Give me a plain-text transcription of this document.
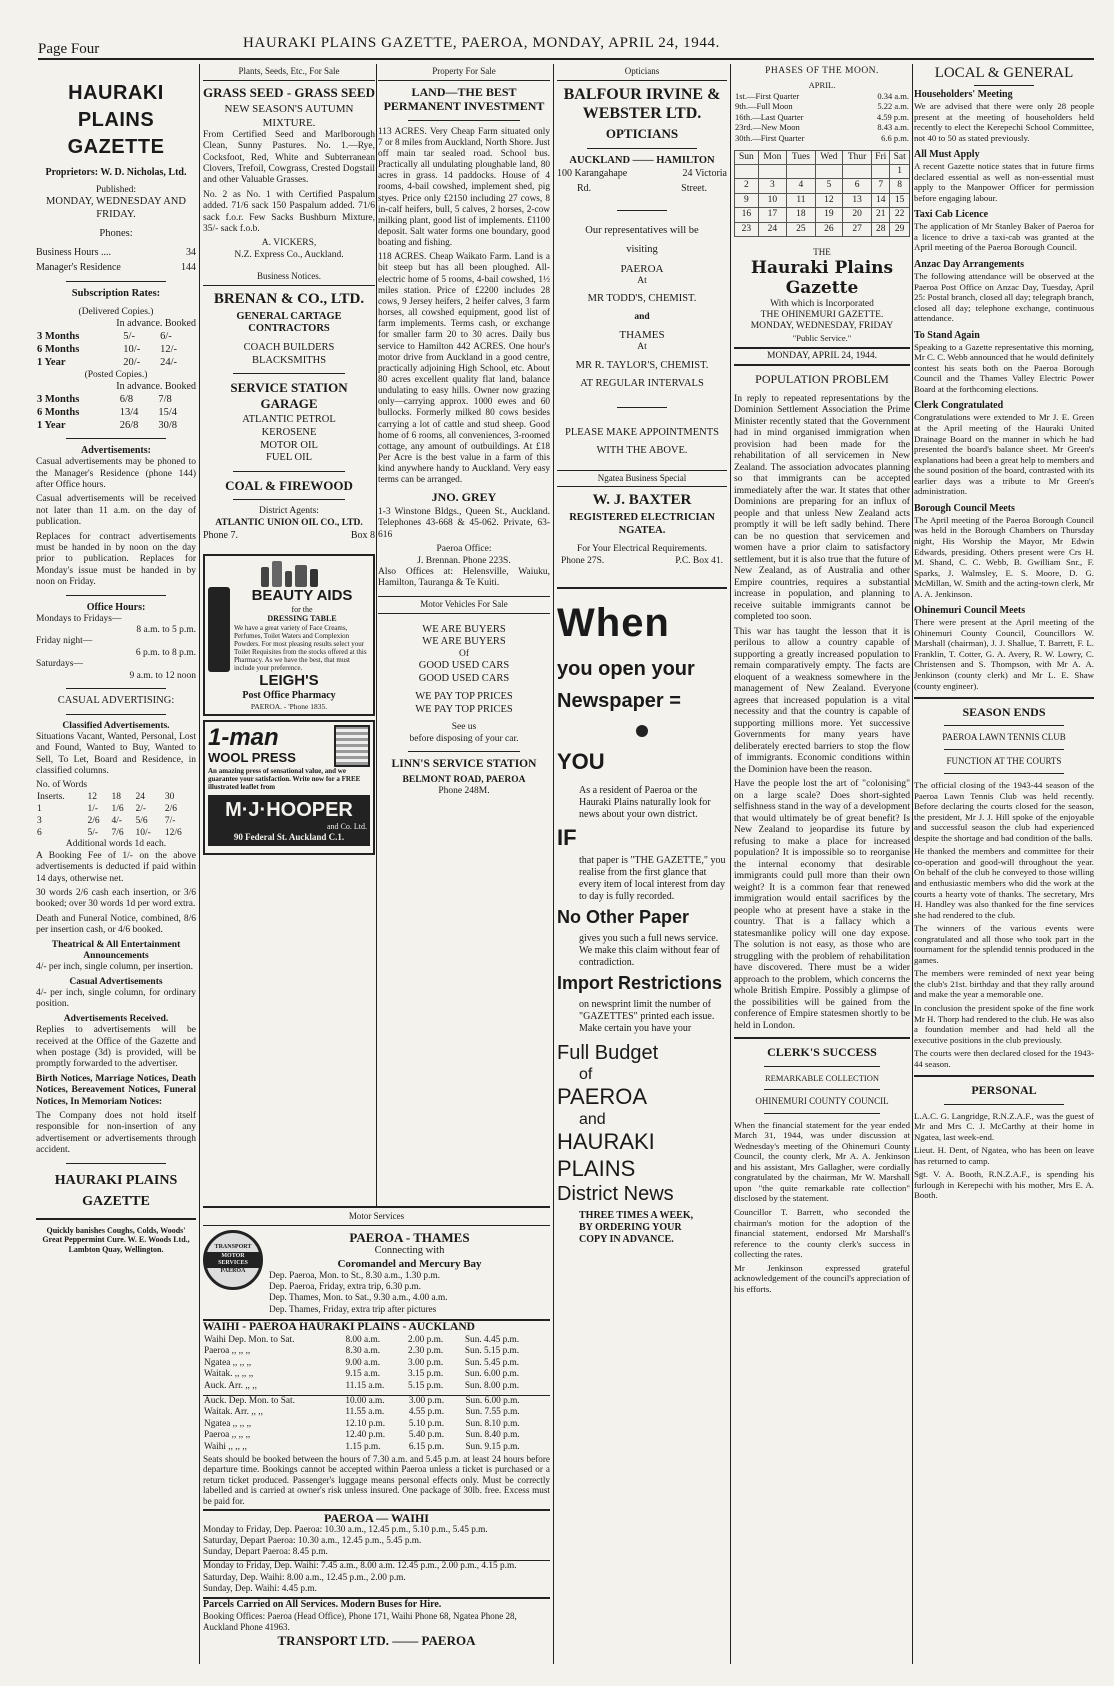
Page Four	HAURAKI PLAINS GAZETTE, PAEROA, MONDAY, APRIL 24, 1944.
HAURAKI PLAINS
GAZETTE
Proprietors: W. D. Nicholas, Ltd.
Published:
MONDAY, WEDNESDAY AND FRIDAY.
Phones:
Business Hours ....	34
Manager's Residence	144
Subscription Rates:
(Delivered Copies.)
In advance. Booked
3 Months	5/-	6/-
6 Months	10/-	12/-
1 Year	20/-	24/-
(Posted Copies.)
In advance. Booked
3 Months	6/8	7/8
6 Months	13/4	15/4
1 Year	26/8	30/8
Advertisements:
Casual advertisements may be phoned to the Manager's Residence (phone 144) after Office hours.
Casual advertisements will be received not later than 11 a.m. on the day of publication.
Replaces for contract advertisements must be handed in by noon on the day prior to publication. Replaces for Monday's issue must be handed in by noon on Friday.
Office Hours:
Mondays to Fridays—
8 a.m. to 5 p.m.
Friday night—
6 p.m. to 8 p.m.
Saturdays—
9 a.m. to 12 noon
CASUAL ADVERTISING:
Classified Advertisements.
Situations Vacant, Wanted, Personal, Lost and Found, Wanted to Buy, Wanted to Sell, To Let, Board and Residence, in classified columns.
No. of Words
Inserts.	12	18	24	30
1	1/-	1/6	2/-	2/6
3	2/6	4/-	5/6	7/-
6	5/-	7/6	10/-	12/6
Additional words 1d each.
A Booking Fee of 1/- on the above advertisements is deducted if paid within 14 days, otherwise net.
30 words 2/6 cash each insertion, or 3/6 booked; over 30 words 1d per word extra.
Death and Funeral Notice, combined, 8/6 per insertion cash, or 4/6 booked.
Theatrical & All Entertainment Announcements
4/- per inch, single column, per insertion.
Casual Advertisements
4/- per inch, single column, for ordinary position.
Advertisements Received.
Replies to advertisements will be received at the Office of the Gazette and when postage (3d) is provided, will be promptly forwarded to the advertiser.
Birth Notices, Marriage Notices, Death Notices, Bereavement Notices, Funeral Notices, In Memoriam Notices:
The Company does not hold itself responsible for non-insertion of any advertisement or advertisements through accident.
HAURAKI PLAINS
GAZETTE
Quickly banishes Coughs, Colds, Woods' Great Peppermint Cure. W. E. Woods Ltd., Lambton Quay, Wellington.
Plants, Seeds, Etc., For Sale
GRASS SEED - GRASS SEED
NEW SEASON'S AUTUMN MIXTURE.
From Certified Seed and Marlborough Clean, Sunny Pastures. No. 1.—Rye, Cocksfoot, Red, White and Subterranean Clovers, Trefoil, Cowgrass, Crested Dogstail and other Valuable Grasses.
No. 2 as No. 1 with Certified Paspalum added. 71/6 sack 150 Paspalum added. 71/6 sack f.o.r. Few Sacks Bushburn Mixture, 35/- sack f.o.b.
A. VICKERS,
N.Z. Express Co., Auckland.
Business Notices.
BRENAN & CO., LTD.
GENERAL CARTAGE CONTRACTORS
COACH BUILDERS
BLACKSMITHS
SERVICE STATION GARAGE
ATLANTIC PETROL
KEROSENE
MOTOR OIL
FUEL OIL
COAL & FIREWOOD
District Agents:
ATLANTIC UNION OIL CO., LTD.
Phone 7.	Box 8
BEAUTY AIDS
for the
DRESSING TABLE
We have a great variety of Face Creams, Perfumes, Toilet Waters and Complexion Powders. For most pleasing results select your Toilet Requisites from the stocks offered at this Pharmacy. As we have the best, that must include your preference.
LEIGH'S
Post Office Pharmacy
PAEROA. - 'Phone 1835.
1-man
WOOL PRESS
An amazing press of sensational value, and we guarantee your satisfaction. Write now for a FREE illustrated leaflet from
M·J·HOOPER
and Co. Ltd.
90 Federal St. Auckland C.1.
Property For Sale
LAND—THE BEST PERMANENT INVESTMENT
113 ACRES. Very Cheap Farm situated only 7 or 8 miles from Auckland, North Shore. Just off main tar sealed road. School bus. Practically all undulating ploughable land, 80 acres in grass. 14 paddocks. House of 4 rooms, 4-bail cowshed, implement shed, pig styes. Price only £2150 including 27 cows, 8 in-calf heifers, bull, 5 calves, 2 horses, 2-cow milking plant, good list of implements. £1100 deposit. Salt water forms one boundary, good boating and fishing.
118 ACRES. Cheap Waikato Farm. Land is a bit steep but has all been ploughed. All-electric home of 5 rooms, 4-bail cowshed, 1½ miles station. Price of £2200 includes 28 cows, 9 Jersey heifers, 2 heifer calves, 3 farm horses, all cowshed equipment, good list of farm implements. Terms cash, or exchange for smaller farm 20 to 30 acres. Daily bus service to Hamilton 442 ACRES. One hour's motor drive from Auckland in a good centre, practically adjoining High School, etc. About 80 acres excellent quality flat land, balance undulating to easy hills. Owner now grazing only—carrying approx. 1000 ewes and 60 bullocks. Formerly milked 80 cows besides carrying a lot of cattle and stud sheep. Good home of 6 rooms, all conveniences, 3-roomed cottage, any amount of outbuildings. At £18 Per Acre is the best value in a farm of this kind anywhere handy to Auckland. Very easy terms can be arranged.
JNO. GREY
1-3 Winstone Bldgs., Queen St., Auckland. Telephones 43-668 & 45-062. Private, 63-616
Paeroa Office:
J. Brennan. Phone 223S.
Also Offices at: Helensville, Waiuku, Hamilton, Tauranga & Te Kuiti.
Motor Vehicles For Sale
WE ARE BUYERS
WE ARE BUYERS
Of
GOOD USED CARS
GOOD USED CARS
WE PAY TOP PRICES
WE PAY TOP PRICES
See us
before disposing of your car.
LINN'S SERVICE STATION
BELMONT ROAD, PAEROA
Phone 248M.
Motor Services
TRANSPORT
MOTOR SERVICES
PAEROA
PAEROA - THAMES
Connecting with
Coromandel and Mercury Bay
Dep. Paeroa, Mon. to St., 8.30 a.m., 1.30 p.m.
Dep. Paeroa, Friday, extra trip, 6.30 p.m.
Dep. Thames, Mon. to Sat., 9.30 a.m., 4.00 a.m.
Dep. Thames, Friday, extra trip after pictures
WAIHI - PAEROA HAURAKI PLAINS - AUCKLAND
Waihi Dep. Mon. to Sat.	8.00 a.m.	2.00 p.m.	Sun. 4.45 p.m.
Paeroa ,, ,, ,,	8.30 a.m.	2.30 p.m.	Sun. 5.15 p.m.
Ngatea ,, ,, ,,	9.00 a.m.	3.00 p.m.	Sun. 5.45 p.m.
Waitak. ,, ,, ,,	9.15 a.m.	3.15 p.m.	Sun. 6.00 p.m.
Auck. Arr. ,, ,,	11.15 a.m.	5.15 p.m.	Sun. 8.00 p.m.
Auck. Dep. Mon. to Sat.	10.00 a.m.	3.00 p.m.	Sun. 6.00 p.m.
Waitak. Arr. ,, ,,	11.55 a.m.	4.55 p.m.	Sun. 7.55 p.m.
Ngatea ,, ,, ,,	12.10 p.m.	5.10 p.m.	Sun. 8.10 p.m.
Paeroa ,, ,, ,,	12.40 p.m.	5.40 p.m.	Sun. 8.40 p.m.
Waihi ,, ,, ,,	1.15 p.m.	6.15 p.m.	Sun. 9.15 p.m.
Seats should be booked between the hours of 7.30 a.m. and 5.45 p.m. at least 24 hours before departure time. Bookings cannot be accepted within Paeroa unless a ticket is purchased or a return ticket produced. Passenger's luggage means personal effects only. Must be correctly labelled and is carried at owner's risk unless insured. One package of 30lb. free. Excess must be paid for.
PAEROA — WAIHI
Monday to Friday, Dep. Paeroa: 10.30 a.m., 12.45 p.m., 5.10 p.m., 5.45 p.m.
Saturday, Depart Paeroa: 10.30 a.m., 12.45 p.m., 5.45 p.m.
Sunday, Depart Paeroa: 8.45 p.m.
Monday to Friday, Dep. Waihi: 7.45 a.m., 8.00 a.m. 12.45 p.m., 2.00 p.m., 4.15 p.m.
Saturday, Dep. Waihi: 8.00 a.m., 12.45 p.m., 2.00 p.m.
Sunday, Dep. Waihi: 4.45 p.m.
Parcels Carried on All Services. Modern Buses for Hire.
Booking Offices: Paeroa (Head Office), Phone 171, Waihi Phone 68, Ngatea Phone 28, Auckland Phone 41963.
TRANSPORT LTD. —— PAEROA
Opticians
BALFOUR IRVINE & WEBSTER LTD.
OPTICIANS
AUCKLAND —— HAMILTON
100 Karangahape	24 Victoria
Rd.	Street.
Our representatives will be
visiting
PAEROA
At
MR TODD'S, CHEMIST.
and
THAMES
At
MR R. TAYLOR'S, CHEMIST.
AT REGULAR INTERVALS
PLEASE MAKE APPOINTMENTS WITH THE ABOVE.
Ngatea Business Special
W. J. BAXTER
REGISTERED ELECTRICIAN NGATEA.
For Your Electrical Requirements.
Phone 27S.	P.C. Box 41.
When
you open your
Newspaper =
YOU
As a resident of Paeroa or the Hauraki Plains naturally look for news about your own district.
IF
that paper is "THE GAZETTE," you realise from the first glance that every item of local interest from day to day is fully recorded.
No Other Paper
gives you such a full news service. We make this claim without fear of contradiction.
Import Restrictions
on newsprint limit the number of "GAZETTES" printed each issue. Make certain you have your
Full Budget
of
PAEROA
and
HAURAKI
PLAINS
District News
THREE TIMES A WEEK,
BY ORDERING YOUR
COPY IN ADVANCE.
PHASES OF THE MOON.
APRIL.
1st.—First Quarter	0.34 a.m.
9th.—Full Moon	5.22 a.m.
16th.—Last Quarter	4.59 p.m.
23rd.—New Moon	8.43 a.m.
30th.—First Quarter	6.6 p.m.
Sun	Mon	Tues	Wed	Thur	Fri	Sat
						1
2	3	4	5	6	7	8
9	10	11	12	13	14	15
16	17	18	19	20	21	22
23	24	25	26	27	28	29
THE
Hauraki Plains Gazette
With which is Incorporated
THE OHINEMURI GAZETTE.
MONDAY, WEDNESDAY, FRIDAY
"Public Service."
MONDAY, APRIL 24, 1944.
POPULATION PROBLEM
In reply to repeated representations by the Dominion Settlement Association the Prime Minister recently stated that the Government had in mind organised immigration when provision had been made for the rehabilitation of all servicemen in New Zealand. The association advocates planning so that immigrants can be accepted immediately after the war. It states that other Dominions are preparing for an influx of people and that unless New Zealand acts promptly it will be left sadly behind. There can be no question that servicemen and women have a prior claim to satisfactory settlement, but it is also true that the future of New Zealand, as of Australia and other Empire countries, requires a substantial increase in population, and planning to receive suitable immigrants cannot be completed too soon.
This war has taught the lesson that it is perilous to allow a country capable of supporting a greatly increased population to remain comparatively empty. The facts are eloquent of a weakness somewhere in the management of New Zealand. Everyone agrees that increased population is a vital necessity and that the country is capable of supporting millions more. Yet successive Governments for many years have deliberately erected barriers to stop the flow of immigrants. Economic conditions within the Dominion have been the reason.
Have the people lost the art of "colonising" on a large scale? Does short-sighted selfishness stand in the way of a development that would ultimately be of great benefit? Is New Zealand to jeopardise its future by refusing to make a place for increased population? It is impossible so to reorganise the internal economy that desirable immigrants could pull more than their own weight? It is a common fear that renewed immigration would entail sacrifices by the people who at present have a stake in the country. That is a fallacy which a statesmanlike policy will one day expose. The solution is not easy, as those who are struggling with the problem of rehabilitation have discovered. There must be a wider approach to the problem, which concerns the whole British Empire. Possibly a glimpse of the possibilities will be gained from the conference of Empire statesmen shortly to be held in London.
CLERK'S SUCCESS
REMARKABLE COLLECTION
OHINEMURI COUNTY COUNCIL
When the financial statement for the year ended March 31, 1944, was under discussion at Wednesday's meeting of the Ohinemuri County Council, the county clerk, Mr A. A. Jenkinson and his assistant, Mrs Gallagher, were cordially congratulated by the chairman, Mr W. Marshall upon "the quite remarkable rate collection" disclosed by the statement.
Councillor T. Barrett, who seconded the chairman's motion for the adoption of the financial statement, endorsed Mr Marshall's reference to the county clerk's success in collecting the rates.
Mr Jenkinson expressed grateful acknowledgement of the council's appreciation of his efforts.
LOCAL & GENERAL
Householders' Meeting
We are advised that there were only 28 people present at the meeting of householders held recently to elect the Kerepechi School Committee, not 40 to 50 as stated previously.
All Must Apply
A recent Gazette notice states that in future firms declared essential as well as non-essential must apply to the Manpower Officer for permission before engaging labour.
Taxi Cab Licence
The application of Mr Stanley Baker of Paeroa for a licence to drive a taxi-cab was granted at the April meeting of the Paeroa Borough Council.
Anzac Day Arrangements
The following attendance will be observed at the Paeroa Post Office on Anzac Day, Tuesday, April 25: Postal branch, closed all day; telegraph branch, closed all day; telephone exchange, continuous attendance.
To Stand Again
Speaking to a Gazette representative this morning, Mr C. C. Webb announced that he would definitely contest his seats both on the Paeroa Borough Council and the Thames Valley Electric Power Board at the forthcoming elections.
Clerk Congratulated
Congratulations were extended to Mr J. E. Green at the April meeting of the Hauraki United Drainage Board on the manner in which he had presented the board's balance sheet. Mr Green's explanations had been a great help to members and the sound position of the board, contrasted with its earlier days was a tribute to Mr Green's administration.
Borough Council Meets
The April meeting of the Paeroa Borough Council was held in the Borough Chambers on Thursday night, His Worship the Mayor, Mr Edwin Edwards, presiding. Others present were Crs H. M. Shand, C. C. Webb, B. Gwilliam Snr., F. Sparks, J. Walmsley, E. S. Moore, D. G. McMillan, W. Smith and the acting-town clerk, Mr A. A. Jenkinson.
Ohinemuri Council Meets
There were present at the April meeting of the Ohinemuri County Council, Councillors W. Marshall (chairman), J. J. Shallue, T. Barrett, F. L. Franklin, T. Cotter, G. A. Avery, R. W. Lowry, C. Christensen and S. Thompson, with Mr A. A. Jenkinson (county clerk) and Mr L. E. Shaw (county engineer).
SEASON ENDS
PAEROA LAWN TENNIS CLUB
FUNCTION AT THE COURTS
The official closing of the 1943-44 season of the Paeroa Lawn Tennis Club was held recently. Before declaring the courts closed for the season, the president, Mr J. J. Hill spoke of the enjoyable and successful season the club had experienced despite the shortage and bad condition of the balls.
He thanked the members and committee for their co-operation and good-will throughout the year. On behalf of the club he conveyed to those willing and enthusiastic members who did the work at the courts a hearty vote of thanks. The secretary, Mrs H. Handley was also thanked for the fine services she had rendered to the club.
The winners of the various events were congratulated and all those who took part in the tournament for the splendid tennis produced in the games.
The members were reminded of next year being the club's 21st. birthday and that they rally around and make the year a memorable one.
In conclusion the president spoke of the fine work Mr H. Thorp had rendered to the club. He was also a foundation member and had held all the executive positions in the club previously.
The courts were then declared closed for the 1943-44 season.
PERSONAL
L.A.C. G. Langridge, R.N.Z.A.F., was the guest of Mr and Mrs C. J. McCarthy at their home in Ngatea, last week-end.
Lieut. H. Dent, of Ngatea, who has been on leave has returned to camp.
Sgt. V. A. Booth, R.N.Z.A.F., is spending his furlough in Kerepechi with his mother, Mrs E. A. Booth.
